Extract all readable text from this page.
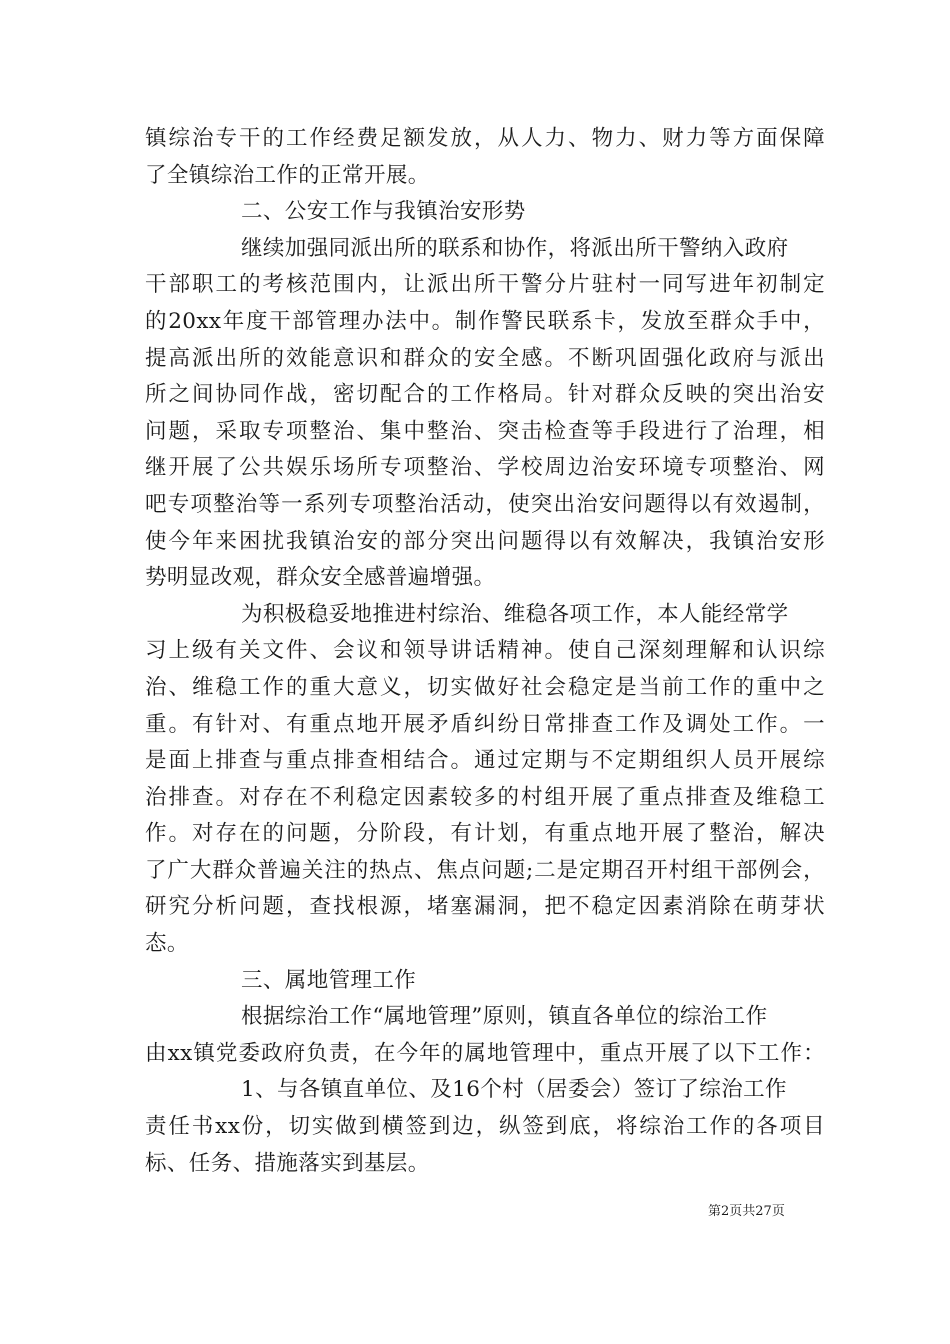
镇综治专干的工作经费足额发放，从人力、物力、财力等方面保障
了全镇综治工作的正常开展。
二、公安工作与我镇治安形势
继续加强同派出所的联系和协作，将派出所干警纳入政府
干部职工的考核范围内，让派出所干警分片驻村一同写进年初制定
的20xx年度干部管理办法中。制作警民联系卡，发放至群众手中，
提高派出所的效能意识和群众的安全感。不断巩固强化政府与派出
所之间协同作战，密切配合的工作格局。针对群众反映的突出治安
问题，采取专项整治、集中整治、突击检查等手段进行了治理，相
继开展了公共娱乐场所专项整治、学校周边治安环境专项整治、网
吧专项整治等一系列专项整治活动，使突出治安问题得以有效遏制，
使今年来困扰我镇治安的部分突出问题得以有效解决，我镇治安形
势明显改观，群众安全感普遍增强。
为积极稳妥地推进村综治、维稳各项工作，本人能经常学
习上级有关文件、会议和领导讲话精神。使自己深刻理解和认识综
治、维稳工作的重大意义，切实做好社会稳定是当前工作的重中之
重。有针对、有重点地开展矛盾纠纷日常排查工作及调处工作。一
是面上排查与重点排查相结合。通过定期与不定期组织人员开展综
治排查。对存在不利稳定因素较多的村组开展了重点排查及维稳工
作。对存在的问题，分阶段，有计划，有重点地开展了整治，解决
了广大群众普遍关注的热点、焦点问题;二是定期召开村组干部例会，
研究分析问题，查找根源，堵塞漏洞，把不稳定因素消除在萌芽状
态。
三、属地管理工作
根据综治工作“属地管理”原则，镇直各单位的综治工作
由xx镇党委政府负责，在今年的属地管理中，重点开展了以下工作：
1、与各镇直单位、及16个村（居委会）签订了综治工作
责任书xx份，切实做到横签到边，纵签到底，将综治工作的各项目
标、任务、措施落实到基层。
第2页共27页
